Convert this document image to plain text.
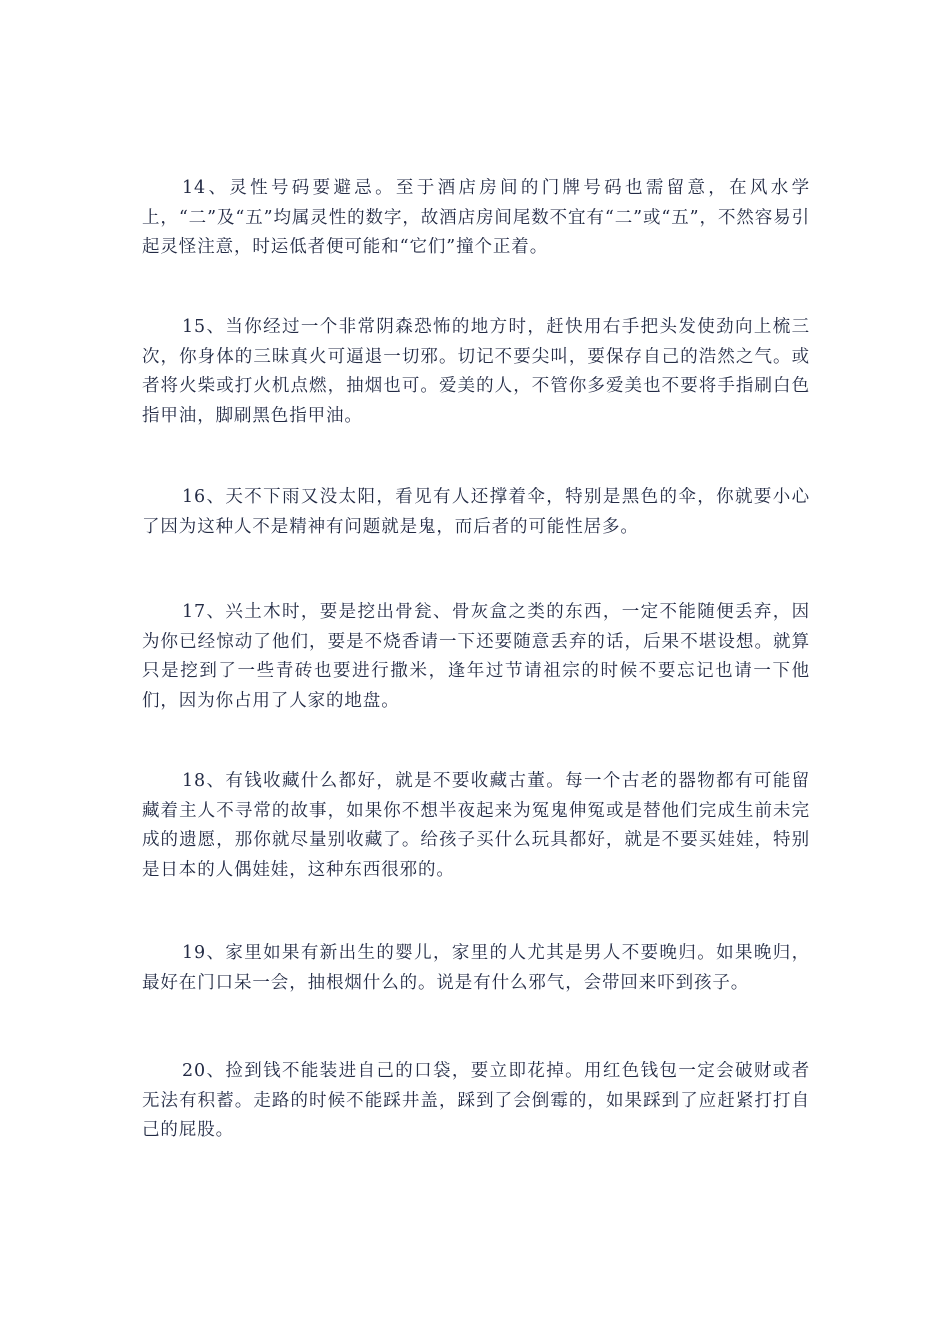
14、灵性号码要避忌。至于酒店房间的门牌号码也需留意，在风水学上，“二”及“五”均属灵性的数字，故酒店房间尾数不宜有“二”或“五”，不然容易引起灵怪注意，时运低者便可能和“它们”撞个正着。

15、当你经过一个非常阴森恐怖的地方时，赶快用右手把头发使劲向上梳三次，你身体的三昧真火可逼退一切邪。切记不要尖叫，要保存自己的浩然之气。或者将火柴或打火机点燃，抽烟也可。爱美的人，不管你多爱美也不要将手指刷白色指甲油，脚刷黑色指甲油。

16、天不下雨又没太阳，看见有人还撑着伞，特别是黑色的伞，你就要小心了因为这种人不是精神有问题就是鬼，而后者的可能性居多。

17、兴土木时，要是挖出骨瓮、骨灰盒之类的东西，一定不能随便丢弃，因为你已经惊动了他们，要是不烧香请一下还要随意丢弃的话，后果不堪设想。就算只是挖到了一些青砖也要进行撒米，逢年过节请祖宗的时候不要忘记也请一下他们，因为你占用了人家的地盘。

18、有钱收藏什么都好，就是不要收藏古董。每一个古老的器物都有可能留藏着主人不寻常的故事，如果你不想半夜起来为冤鬼伸冤或是替他们完成生前未完成的遗愿，那你就尽量别收藏了。给孩子买什么玩具都好，就是不要买娃娃，特别是日本的人偶娃娃，这种东西很邪的。

19、家里如果有新出生的婴儿，家里的人尤其是男人不要晚归。如果晚归，最好在门口呆一会，抽根烟什么的。说是有什么邪气，会带回来吓到孩子。

20、捡到钱不能装进自己的口袋，要立即花掉。用红色钱包一定会破财或者无法有积蓄。走路的时候不能踩井盖，踩到了会倒霉的，如果踩到了应赶紧打打自己的屁股。
